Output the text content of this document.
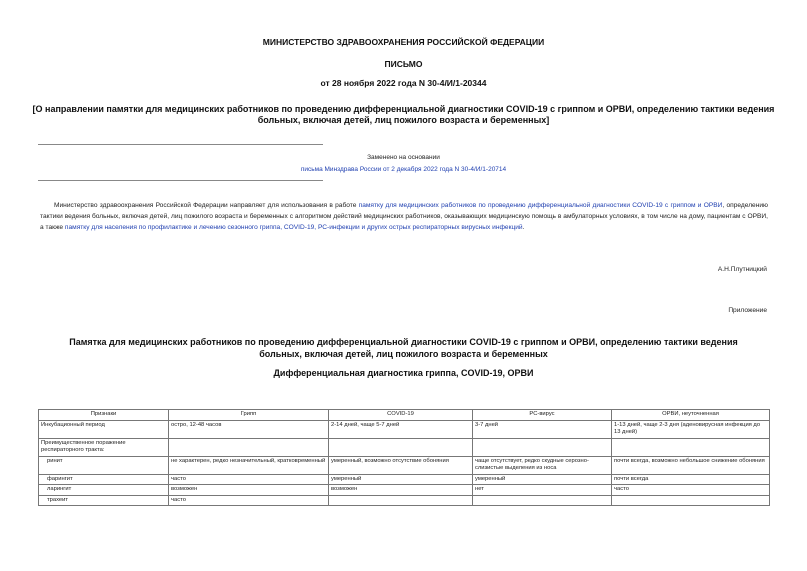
МИНИСТЕРСТВО ЗДРАВООХРАНЕНИЯ РОССИЙСКОЙ ФЕДЕРАЦИИ
ПИСЬМО
от 28 ноября 2022 года N 30-4/И/1-20344
[О направлении памятки для медицинских работников по проведению дифференциальной диагностики COVID-19 с гриппом и ОРВИ, определению тактики ведения больных, включая детей, лиц пожилого возраста и беременных]
Заменено на основании
письма Минздрава России от 2 декабря 2022 года N 30-4/И/1-20714
Министерство здравоохранения Российской Федерации направляет для использования в работе памятку для медицинских работников по проведению дифференциальной диагностики COVID-19 с гриппом и ОРВИ, определению тактики ведения больных, включая детей, лиц пожилого возраста и беременных с алгоритмом действий медицинских работников, оказывающих медицинскую помощь в амбулаторных условиях, в том числе на дому, пациентам с ОРВИ, а также памятку для населения по профилактике и лечению сезонного гриппа, COVID-19, РС-инфекции и других острых респираторных вирусных инфекций.
А.Н.Плутницкий
Приложение
Памятка для медицинских работников по проведению дифференциальной диагностики COVID-19 с гриппом и ОРВИ, определению тактики ведения больных, включая детей, лиц пожилого возраста и беременных
Дифференциальная диагностика гриппа, COVID-19, ОРВИ
Признаки	Грипп	COVID-19	РС-вирус	ОРВИ, неуточненная
Инкубационный период	остро, 12-48 часов	2-14 дней, чаще 5-7 дней	3-7 дней	1-13 дней, чаще 2-3 дня (аденовирусная инфекция до 13 дней)
Преимущественное поражение респираторного тракта:				
ринит	не характерен, редко незначительный, кратковременный	умеренный, возможно отсутствие обоняния	чаще отсутствует, редко скудные серозно-слизистые выделения из носа	почти всегда, возможно небольшое снижение обоняния
фарингит	часто	умеренный	умеренный	почти всегда
ларингит	возможен	возможен	нет	часто
трахеит	часто			
